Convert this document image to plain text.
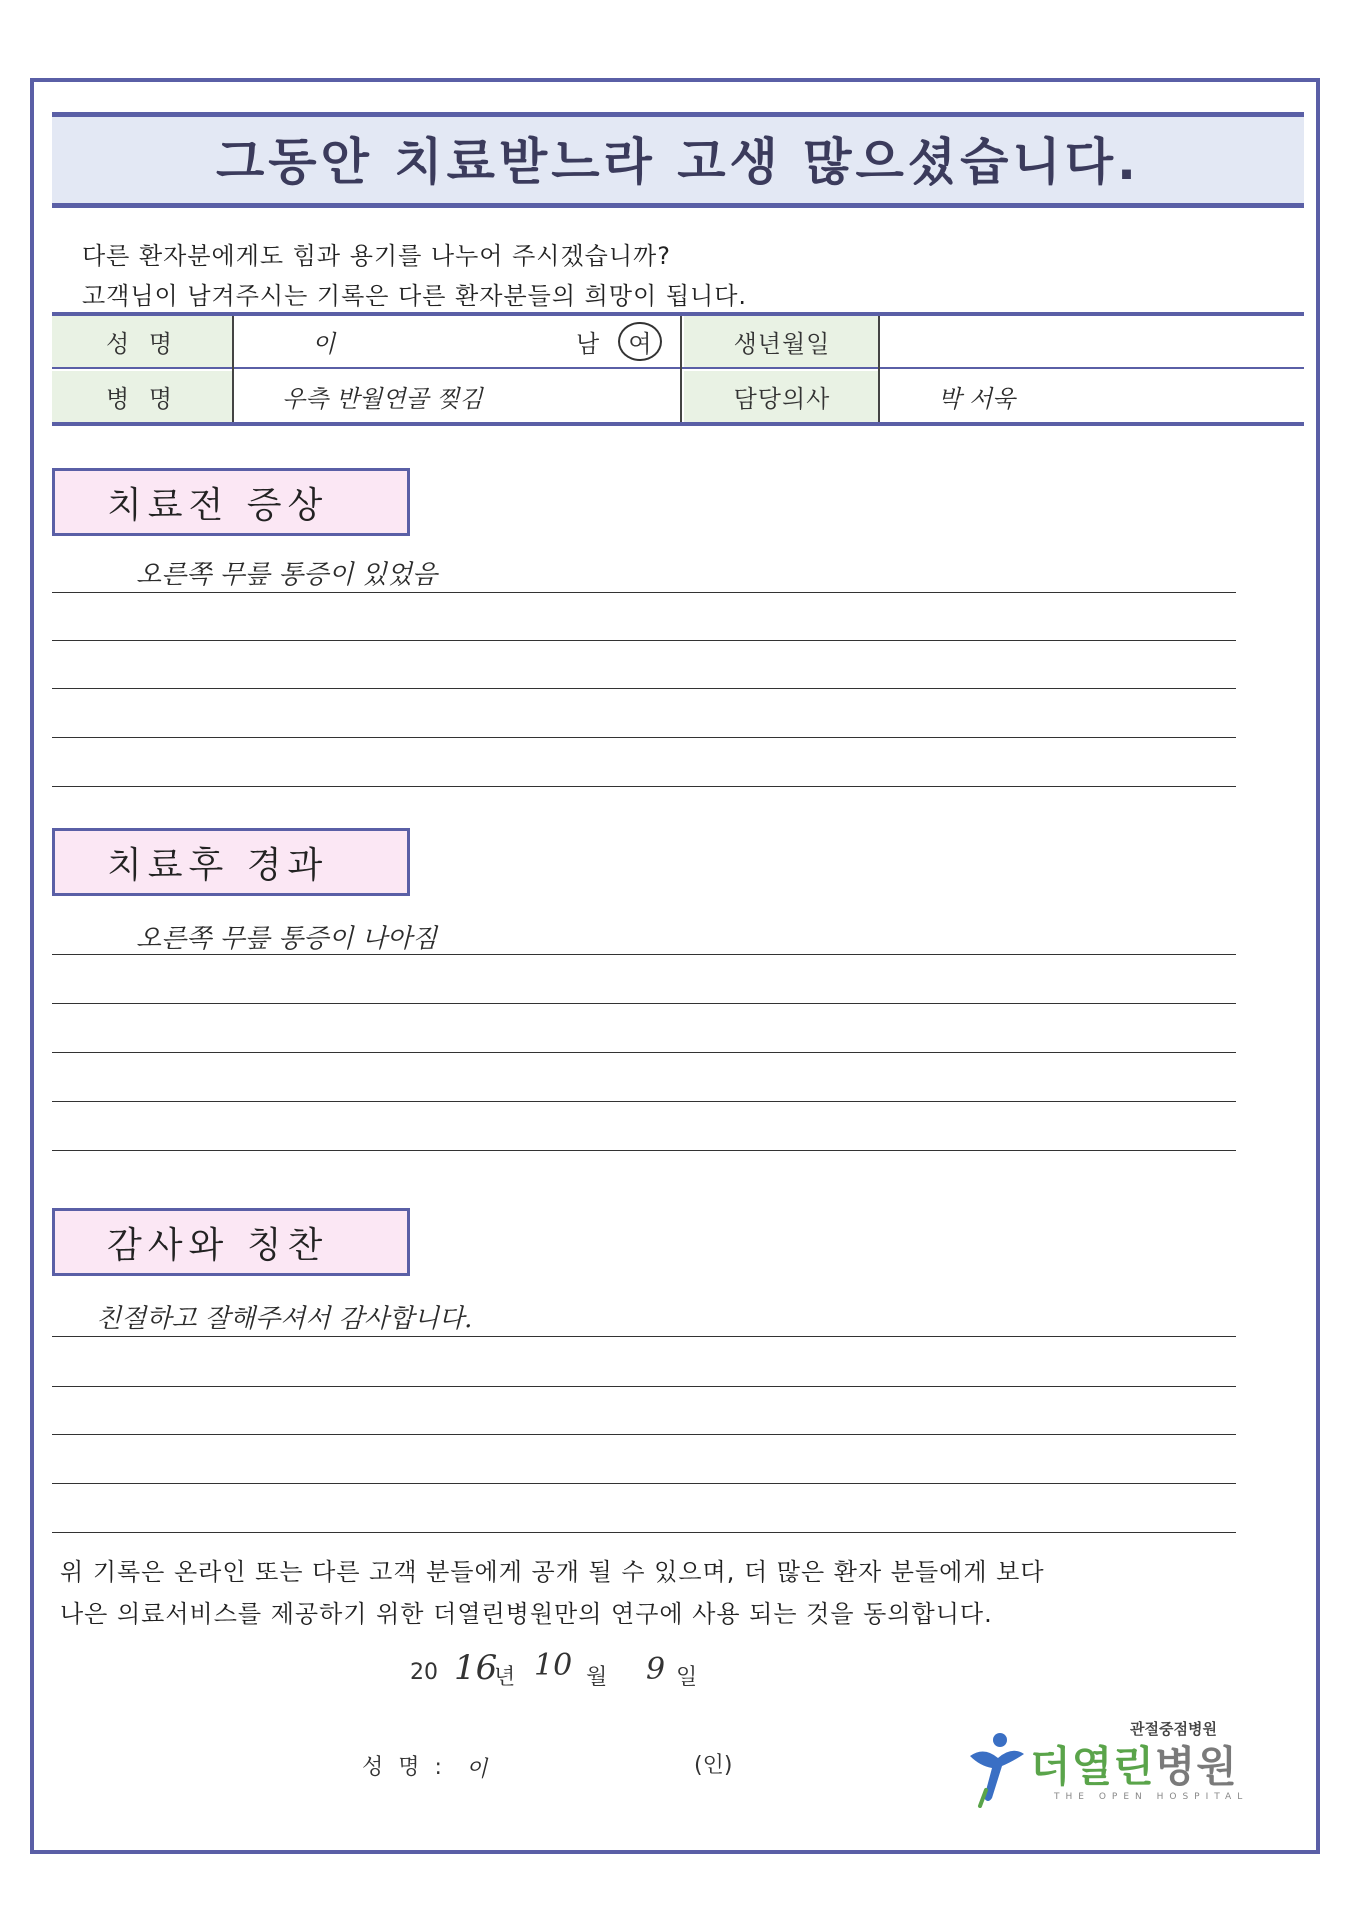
그동안 치료받느라 고생 많으셨습니다.
다른 환자분에게도 힘과 용기를 나누어 주시겠습니까?
고객님이 남겨주시는 기록은 다른 환자분들의 희망이 됩니다.
성 명	이	남	여	생년월일
병 명	우측 반월연골 찢김	담당의사	박 서욱
치료전 증상
오른쪽 무릎 통증이 있었음
치료후 경과
오른쪽 무릎 통증이 나아짐
감사와 칭찬
친절하고 잘해주셔서 감사합니다.
위 기록은 온라인 또는 다른 고객 분들에게 공개 될 수 있으며, 더 많은 환자 분들에게 보다
나은 의료서비스를 제공하기 위한 더열린병원만의 연구에 사용 되는 것을 동의합니다.
20 16
년 10 월 9 일
성 명 : 이	(인)
관절중점병원
더열린병원
THE OPEN HOSPITAL
